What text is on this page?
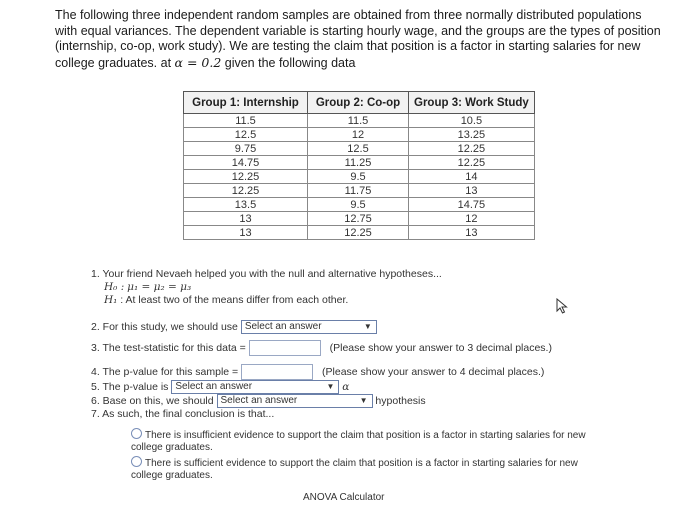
The following three independent random samples are obtained from three normally distributed populations with equal variances. The dependent variable is starting hourly wage, and the groups are the types of position (internship, co-op, work study). We are testing the claim that position is a factor in starting salaries for new college graduates. at α = 0.2 given the following data
Group 1: Internship	Group 2: Co-op	Group 3: Work Study
11.5	11.5	10.5
12.5	12	13.25
9.75	12.5	12.25
14.75	11.25	12.25
12.25	9.5	14
12.25	11.75	13
13.5	9.5	14.75
13	12.75	12
13	12.25	13
1. Your friend Nevaeh helped you with the null and alternative hypotheses...
H₀ : μ₁ = μ₂ = μ₃
H₁ : At least two of the means differ from each other.
2. For this study, we should use Select an answer	▼
3. The test-statistic for this data =	(Please show your answer to 3 decimal places.)
4. The p-value for this sample =	(Please show your answer to 4 decimal places.)
5. The p-value is Select an answer	▼ α
6. Base on this, we should Select an answer	▼ hypothesis
7. As such, the final conclusion is that...
There is insufficient evidence to support the claim that position is a factor in starting salaries for new college graduates.
There is sufficient evidence to support the claim that position is a factor in starting salaries for new college graduates.
ANOVA Calculator
